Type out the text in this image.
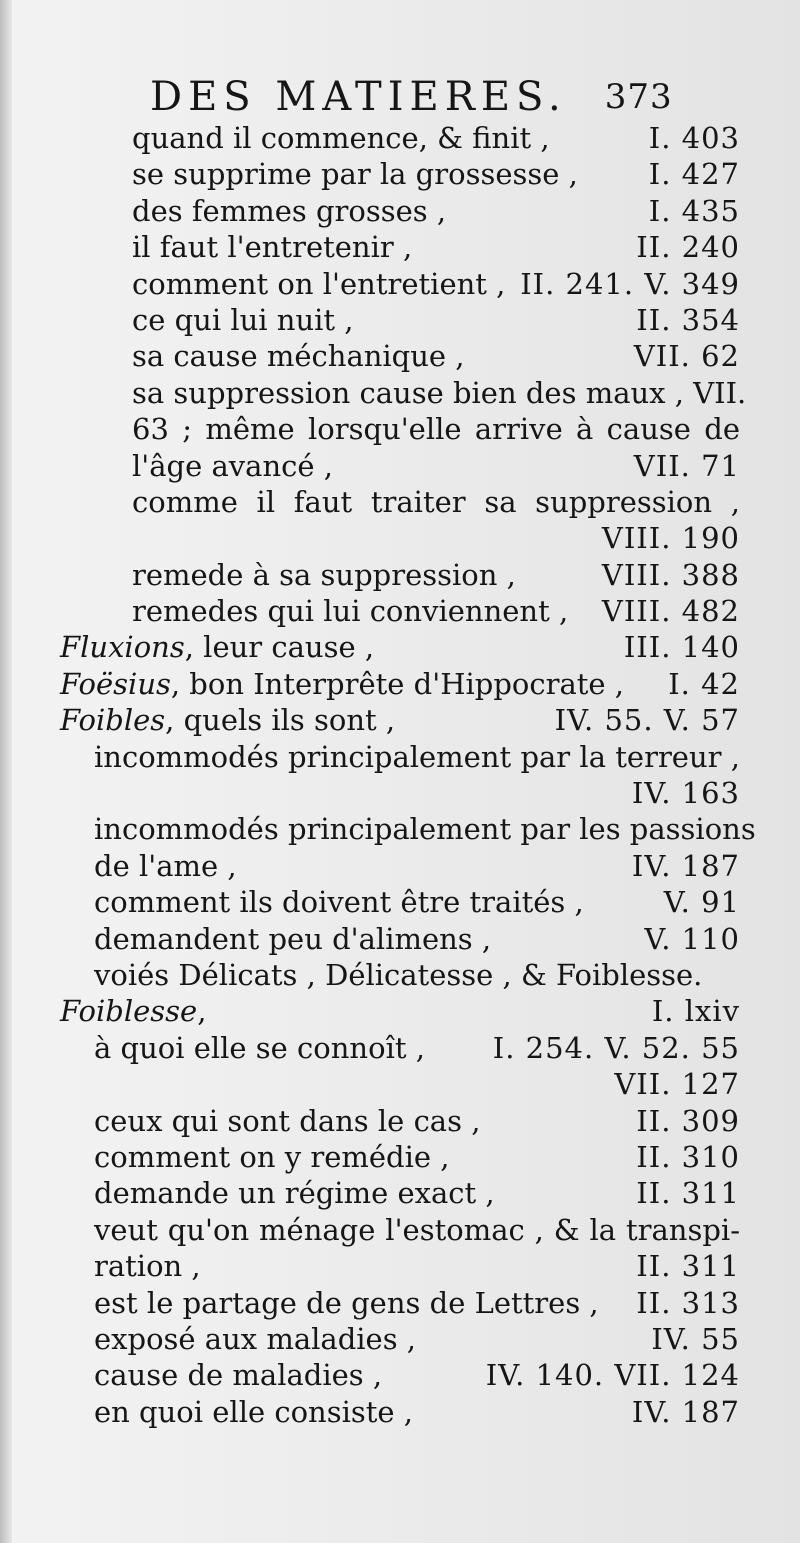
DES MATIERES. 373
quand il commence, & finit ,	I. 403
se supprime par la grossesse , I. 427
des femmes grosses ,	I. 435
il faut l'entretenir ,	II. 240
comment on l'entretient , II. 241. V. 349
ce qui lui nuit ,	II. 354
sa cause méchanique ,	VII. 62
sa suppression cause bien des maux , VII.
63 ; même lorsqu'elle arrive à cause de
l'âge avancé ,	VII. 71
comme il faut traiter sa suppression ,
VIII. 190
remede à sa suppression ,	VIII. 388
remedes qui lui conviennent , VIII. 482
Fluxions, leur cause ,	III. 140
Foësius, bon Interprête d'Hippocrate , I. 42
Foibles, quels ils sont ,	IV. 55. V. 57
incommodés principalement par la terreur ,
IV. 163
incommodés principalement par les passions
de l'ame ,	IV. 187
comment ils doivent être traités ,	V. 91
demandent peu d'alimens ,	V. 110
voiés Délicats , Délicatesse , & Foiblesse.
Foiblesse,	I. lxiv
à quoi elle se connoît , I. 254. V. 52. 55
VII. 127
ceux qui sont dans le cas ,	II. 309
comment on y remédie ,	II. 310
demande un régime exact ,	II. 311
veut qu'on ménage l'estomac , & la transpi-
ration ,	II. 311
est le partage de gens de Lettres , II. 313
exposé aux maladies ,	IV. 55
cause de maladies ,	IV. 140. VII. 124
en quoi elle consiste ,	IV. 187
